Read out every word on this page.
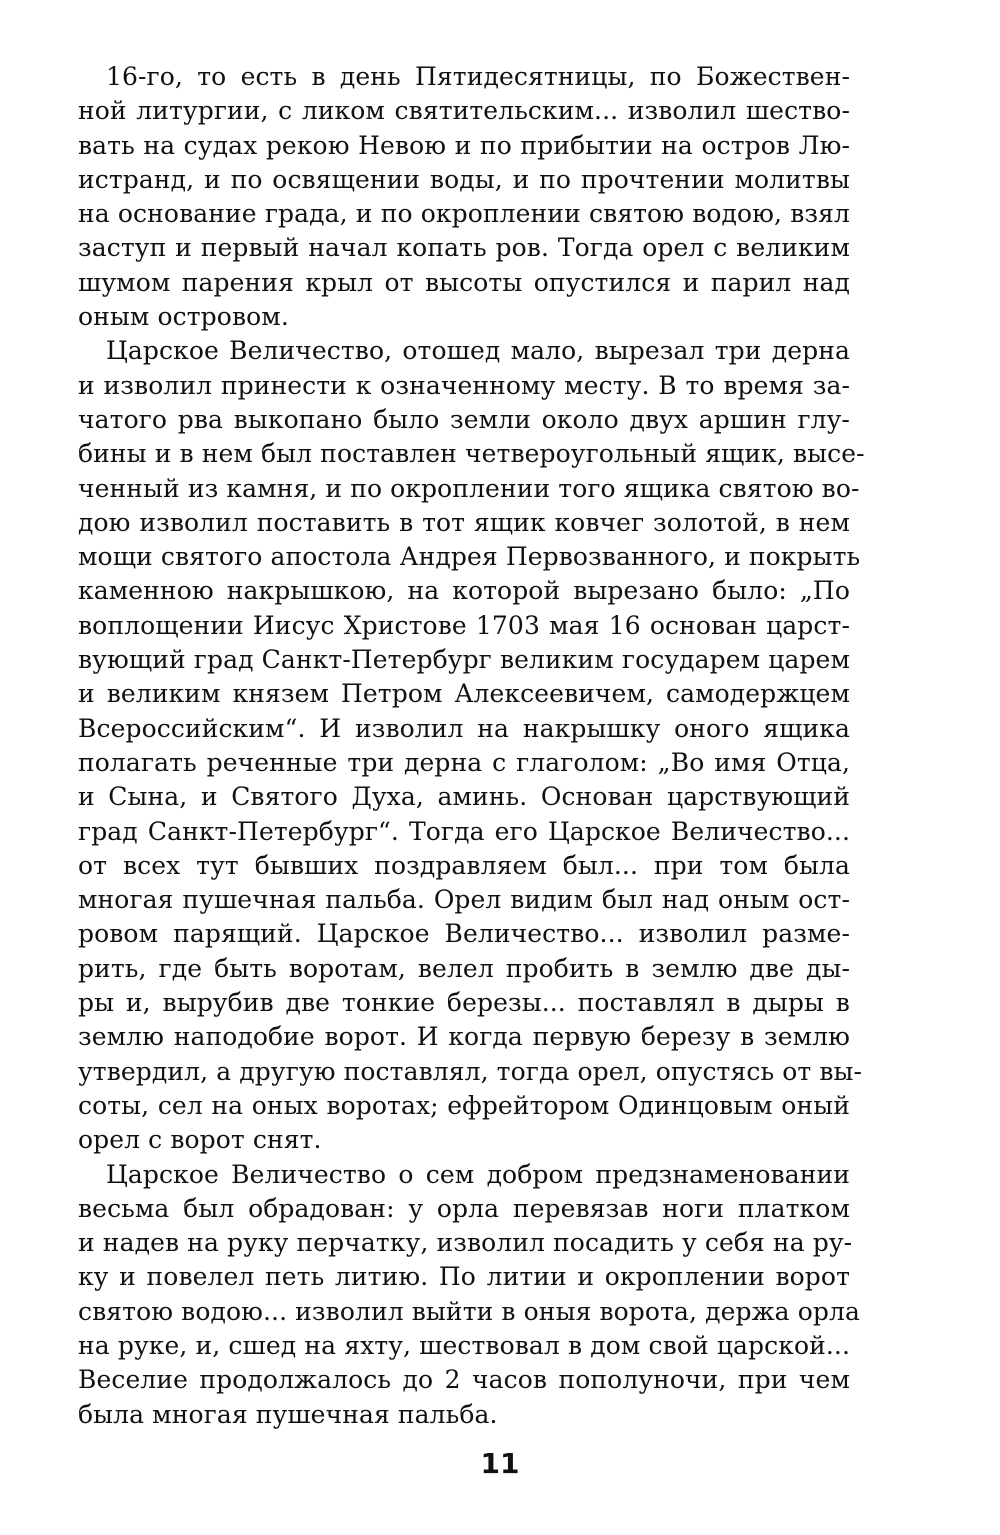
16-го, то есть в день Пятидесятницы, по Божествен-
ной литургии, с ликом святительским... изволил шество-
вать на судах рекою Невою и по прибытии на остров Лю-
истранд, и по освящении воды, и по прочтении молитвы
на основание града, и по окроплении святою водою, взял
заступ и первый начал копать ров. Тогда орел с великим
шумом парения крыл от высоты опустился и парил над
оным островом.
Царское Величество, отошед мало, вырезал три дерна
и изволил принести к означенному месту. В то время за-
чатого рва выкопано было земли около двух аршин глу-
бины и в нем был поставлен четвероугольный ящик, высе-
ченный из камня, и по окроплении того ящика святою во-
дою изволил поставить в тот ящик ковчег золотой, в нем
мощи святого апостола Андрея Первозванного, и покрыть
каменною накрышкою, на которой вырезано было: „По
воплощении Иисус Христове 1703 мая 16 основан царст-
вующий град Санкт-Петербург великим государем царем
и великим князем Петром Алексеевичем, самодержцем
Всероссийским“. И изволил на накрышку оного ящика
полагать реченные три дерна с глаголом: „Во имя Отца,
и Сына, и Святого Духа, аминь. Основан царствующий
град Санкт-Петербург“. Тогда его Царское Величество...
от всех тут бывших поздравляем был... при том была
многая пушечная пальба. Орел видим был над оным ост-
ровом парящий. Царское Величество... изволил разме-
рить, где быть воротам, велел пробить в землю две ды-
ры и, вырубив две тонкие березы... поставлял в дыры в
землю наподобие ворот. И когда первую березу в землю
утвердил, а другую поставлял, тогда орел, опустясь от вы-
соты, сел на оных воротах; ефрейтором Одинцовым оный
орел с ворот снят.
Царское Величество о сем добром предзнаменовании
весьма был обрадован: у орла перевязав ноги платком
и надев на руку перчатку, изволил посадить у себя на ру-
ку и повелел петь литию. По литии и окроплении ворот
святою водою... изволил выйти в оныя ворота, держа орла
на руке, и, сшед на яхту, шествовал в дом свой царской...
Веселие продолжалось до 2 часов пополуночи, при чем
была многая пушечная пальба.
11
